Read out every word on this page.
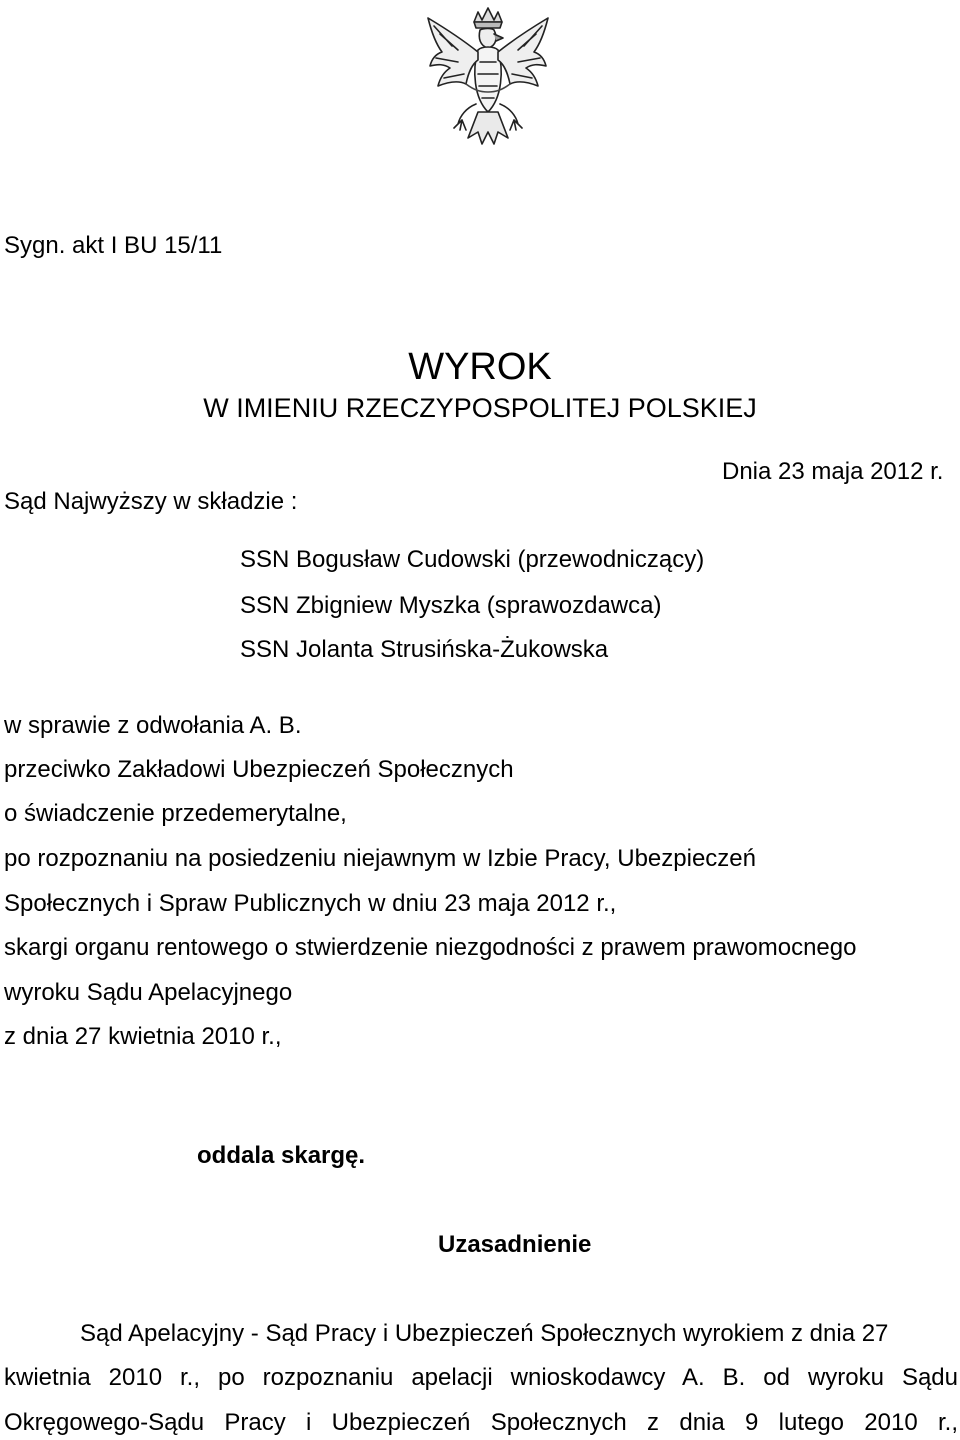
Sygn. akt I BU 15/11
WYROK
W IMIENIU RZECZYPOSPOLITEJ POLSKIEJ
Dnia 23 maja 2012 r.
Sąd Najwyższy w składzie :
SSN Bogusław Cudowski (przewodniczący)
SSN Zbigniew Myszka (sprawozdawca)
SSN Jolanta Strusińska-Żukowska
w sprawie z odwołania A. B.
przeciwko Zakładowi Ubezpieczeń Społecznych
o świadczenie przedemerytalne,
po rozpoznaniu na posiedzeniu niejawnym w Izbie Pracy, Ubezpieczeń
Społecznych i Spraw Publicznych w dniu 23 maja 2012 r.,
skargi organu rentowego o stwierdzenie niezgodności z prawem prawomocnego
wyroku Sądu Apelacyjnego
z dnia 27 kwietnia 2010 r.,
oddala skargę.
Uzasadnienie
Sąd Apelacyjny - Sąd Pracy i Ubezpieczeń Społecznych wyrokiem z dnia 27
kwietnia 2010 r., po rozpoznaniu apelacji wnioskodawcy A. B. od wyroku Sądu
Okręgowego-Sądu Pracy i Ubezpieczeń Społecznych z dnia 9 lutego 2010 r.,
